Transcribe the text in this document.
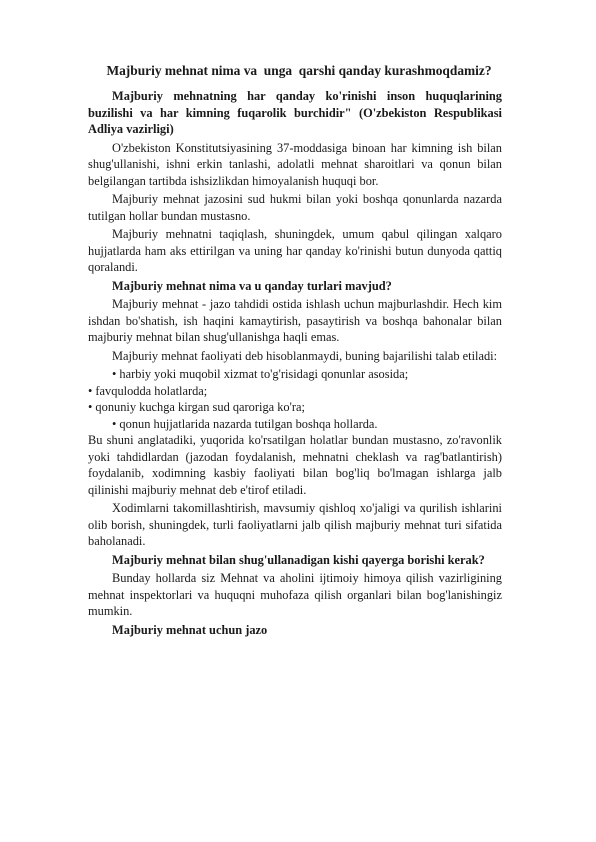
Majburiy mehnat nima va  unga  qarshi qanday kurashmoqdamiz?

Majburiy mehnatning har qanday ko'rinishi inson huquqlarining buzilishi va har kimning fuqarolik burchidir" (O'zbekiston Respublikasi Adliya vazirligi)

O'zbekiston Konstitutsiyasining 37-moddasiga binoan har kimning ish bilan shug'ullanishi, ishni erkin tanlashi, adolatli mehnat sharoitlari va qonun bilan belgilangan tartibda ishsizlikdan himoyalanish huquqi bor.

Majburiy mehnat jazosini sud hukmi bilan yoki boshqa qonunlarda nazarda tutilgan hollar bundan mustasno.

Majburiy mehnatni taqiqlash, shuningdek, umum qabul qilingan xalqaro hujjatlarda ham aks ettirilgan va uning har qanday ko'rinishi butun dunyoda qattiq qoralandi.

Majburiy mehnat nima va u qanday turlari mavjud?

Majburiy mehnat - jazo tahdidi ostida ishlash uchun majburlashdir. Hech kim ishdan bo'shatish, ish haqini kamaytirish, pasaytirish va boshqa bahonalar bilan majburiy mehnat bilan shug'ullanishga haqli emas.

Majburiy mehnat faoliyati deb hisoblanmaydi, buning bajarilishi talab etiladi:

• harbiy yoki muqobil xizmat to'g'risidagi qonunlar asosida;

• favqulodda holatlarda;

• qonuniy kuchga kirgan sud qaroriga ko'ra;

• qonun hujjatlarida nazarda tutilgan boshqa hollarda.

Bu shuni anglatadiki, yuqorida ko'rsatilgan holatlar bundan mustasno, zo'ravonlik yoki tahdidlardan (jazodan foydalanish, mehnatni cheklash va rag'batlantirish) foydalanib, xodimning kasbiy faoliyati bilan bog'liq bo'lmagan ishlarga jalb qilinishi majburiy mehnat deb e'tirof etiladi.

Xodimlarni takomillashtirish, mavsumiy qishloq xo'jaligi va qurilish ishlarini olib borish, shuningdek, turli faoliyatlarni jalb qilish majburiy mehnat turi sifatida baholanadi.

Majburiy mehnat bilan shug'ullanadigan kishi qayerga borishi kerak?

Bunday hollarda siz Mehnat va aholini ijtimoiy himoya qilish vazirligining mehnat inspektorlari va huquqni muhofaza qilish organlari bilan bog'lanishingiz mumkin.

Majburiy mehnat uchun jazo
